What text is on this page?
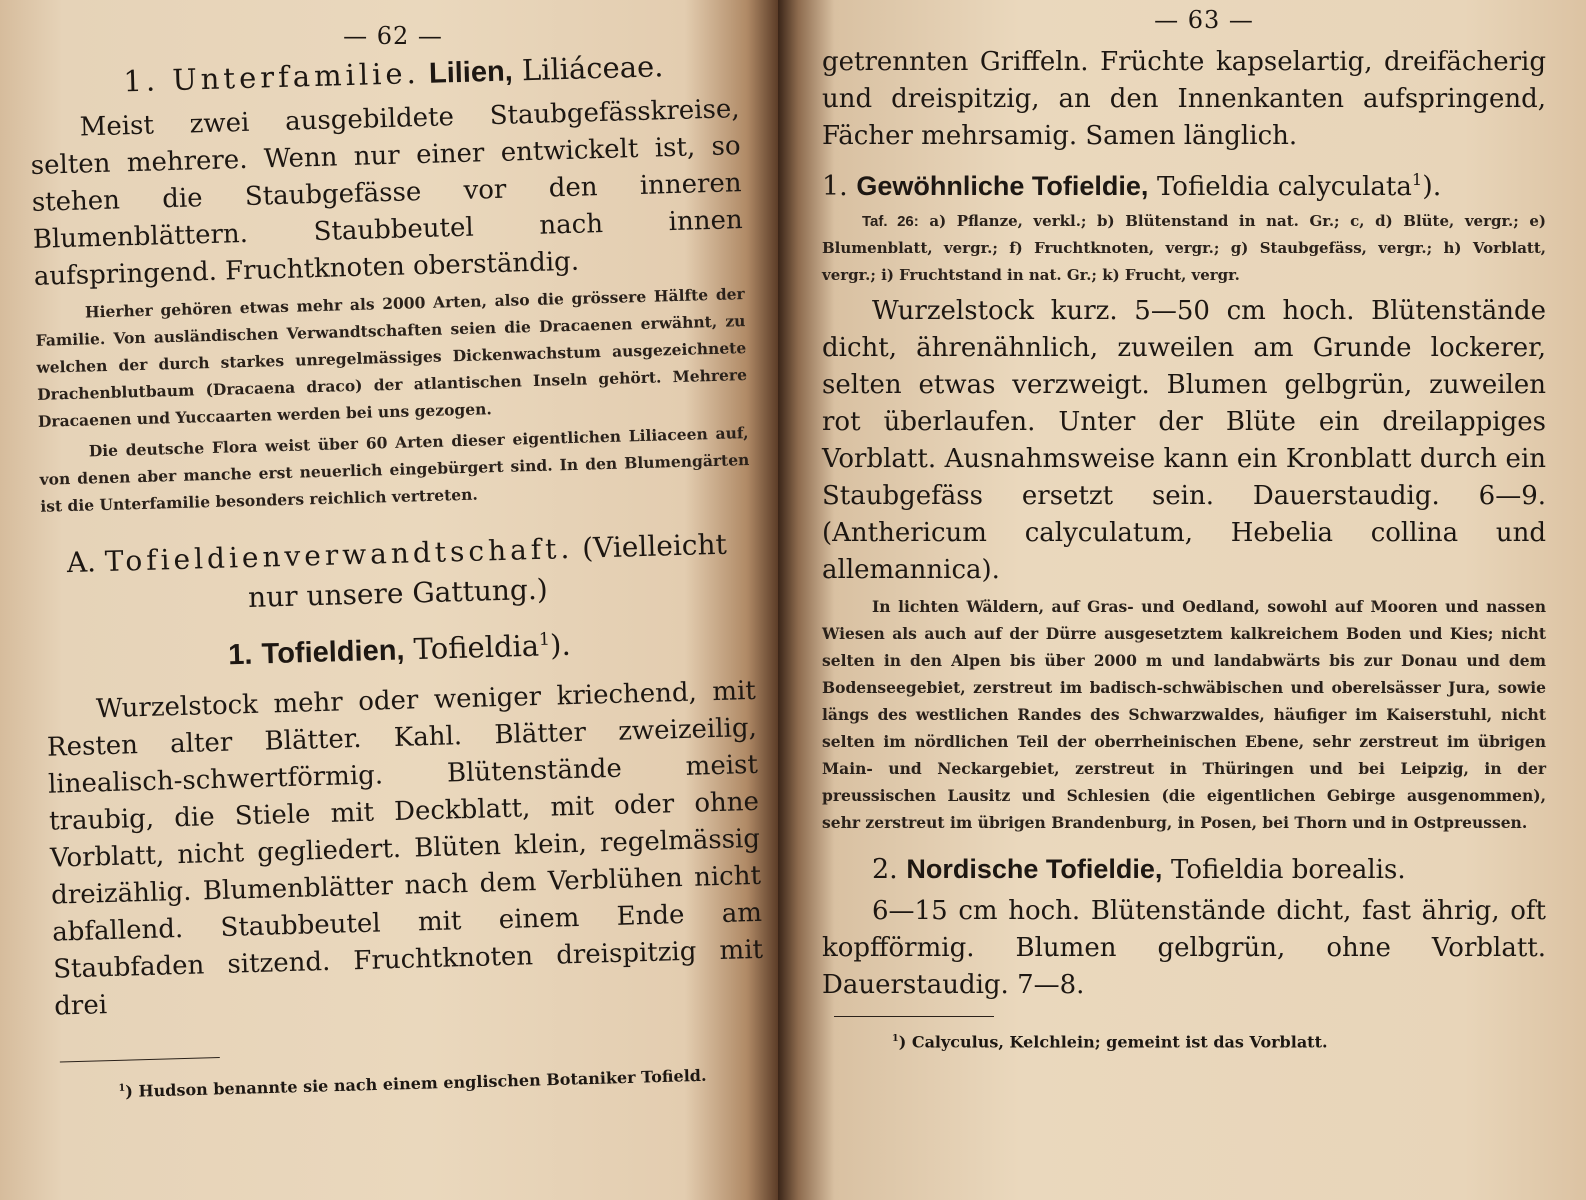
— 62 —
1. Unterfamilie. Lilien, Liliáceae.

Meist zwei ausgebildete Staubgefässkreise, selten mehrere. Wenn nur einer entwickelt ist, so stehen die Staubgefässe vor den inneren Blumenblättern. Staubbeutel nach innen aufspringend. Fruchtknoten oberständig.

Hierher gehören etwas mehr als 2000 Arten, also die grössere Hälfte der Familie. Von ausländischen Verwandtschaften seien die Dracaenen erwähnt, zu welchen der durch starkes unregelmässiges Dickenwachstum ausgezeichnete Drachenblutbaum (Dracaena draco) der atlantischen Inseln gehört. Mehrere Dracaenen und Yuccaarten werden bei uns gezogen.

Die deutsche Flora weist über 60 Arten dieser eigentlichen Liliaceen auf, von denen aber manche erst neuerlich eingebürgert sind. In den Blumengärten ist die Unterfamilie besonders reichlich vertreten.

A. Tofieldienverwandtschaft. (Vielleicht
nur unsere Gattung.)
1. Tofieldien, Tofieldia$^1$).

Wurzelstock mehr oder weniger kriechend, mit Resten alter Blätter. Kahl. Blätter zweizeilig, linealisch-schwertförmig. Blütenstände meist traubig, die Stiele mit Deckblatt, mit oder ohne Vorblatt, nicht gegliedert. Blüten klein, regelmässig dreizählig. Blumenblätter nach dem Verblühen nicht abfallend. Staubbeutel mit einem Ende am Staubfaden sitzend. Fruchtknoten dreispitzig mit drei

$^1$) Hudson benannte sie nach einem englischen Botaniker Tofield.
— 63 —

getrennten Griffeln. Früchte kapselartig, dreifächerig und dreispitzig, an den Innenkanten aufspringend, Fächer mehrsamig. Samen länglich.

1. Gewöhnliche Tofieldie, Tofieldia calyculata$^1$).

Taf. 26: a) Pflanze, verkl.; b) Blütenstand in nat. Gr.; c, d) Blüte, vergr.; e) Blumenblatt, vergr.; f) Fruchtknoten, vergr.; g) Staubgefäss, vergr.; h) Vorblatt, vergr.; i) Fruchtstand in nat. Gr.; k) Frucht, vergr.

Wurzelstock kurz. 5—50 cm hoch. Blütenstände dicht, ährenähnlich, zuweilen am Grunde lockerer, selten etwas verzweigt. Blumen gelbgrün, zuweilen rot überlaufen. Unter der Blüte ein dreilappiges Vorblatt. Ausnahmsweise kann ein Kronblatt durch ein Staubgefäss ersetzt sein. Dauerstaudig. 6—9. (Anthericum calyculatum, Hebelia collina und allemannica).

In lichten Wäldern, auf Gras- und Oedland, sowohl auf Mooren und nassen Wiesen als auch auf der Dürre ausgesetztem kalkreichem Boden und Kies; nicht selten in den Alpen bis über 2000 m und landabwärts bis zur Donau und dem Bodenseegebiet, zerstreut im badisch-schwäbischen und oberelsässer Jura, sowie längs des westlichen Randes des Schwarzwaldes, häufiger im Kaiserstuhl, nicht selten im nördlichen Teil der oberrheinischen Ebene, sehr zerstreut im übrigen Main- und Neckargebiet, zerstreut in Thüringen und bei Leipzig, in der preussischen Lausitz und Schlesien (die eigentlichen Gebirge ausgenommen), sehr zerstreut im übrigen Brandenburg, in Posen, bei Thorn und in Ostpreussen.

2. Nordische Tofieldie, Tofieldia borealis.

6—15 cm hoch. Blütenstände dicht, fast ährig, oft kopfförmig. Blumen gelbgrün, ohne Vorblatt. Dauerstaudig. 7—8.

$^1$) Calyculus, Kelchlein; gemeint ist das Vorblatt.
